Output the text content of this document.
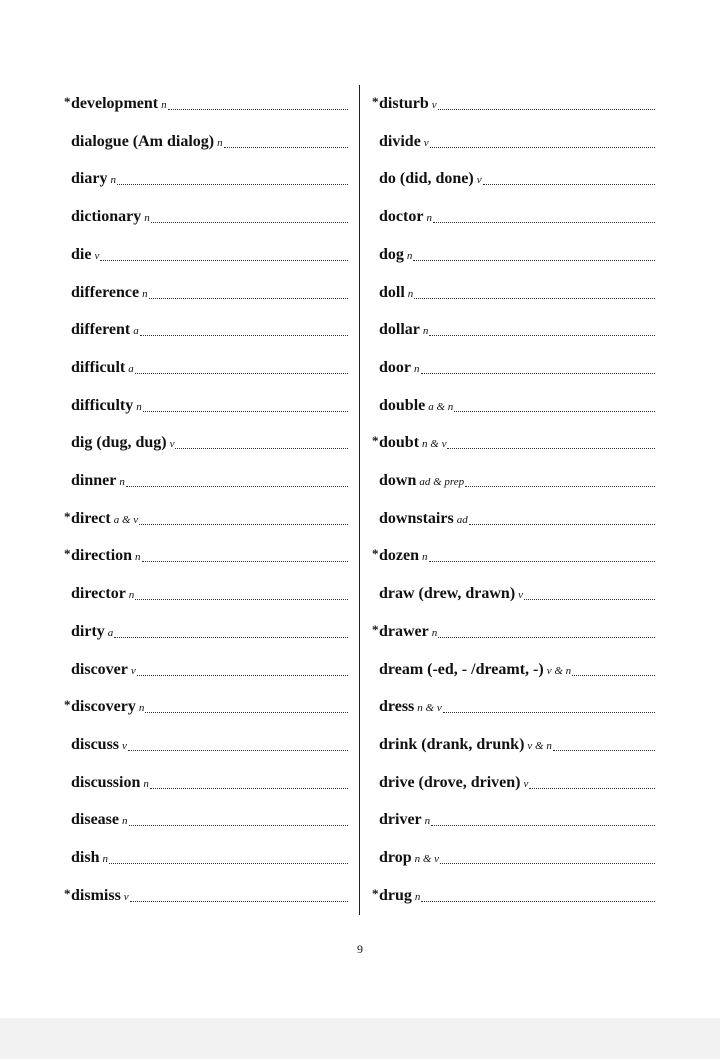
* development n
dialogue (Am dialog) n
diary n
dictionary n
die v
difference n
different a
difficult a
difficulty n
dig (dug, dug) v
dinner n
* direct a & v
* direction n
director n
dirty a
discover v
* discovery n
discuss v
discussion n
disease n
dish n
* dismiss v
* disturb v
divide v
do (did, done) v
doctor n
dog n
doll n
dollar n
door n
double a & n
* doubt n & v
down ad & prep
downstairs ad
* dozen n
draw (drew, drawn) v
* drawer n
dream (-ed, - /dreamt, -) v & n
dress n & v
drink (drank, drunk) v & n
drive (drove, driven) v
driver n
drop n & v
* drug n
9
